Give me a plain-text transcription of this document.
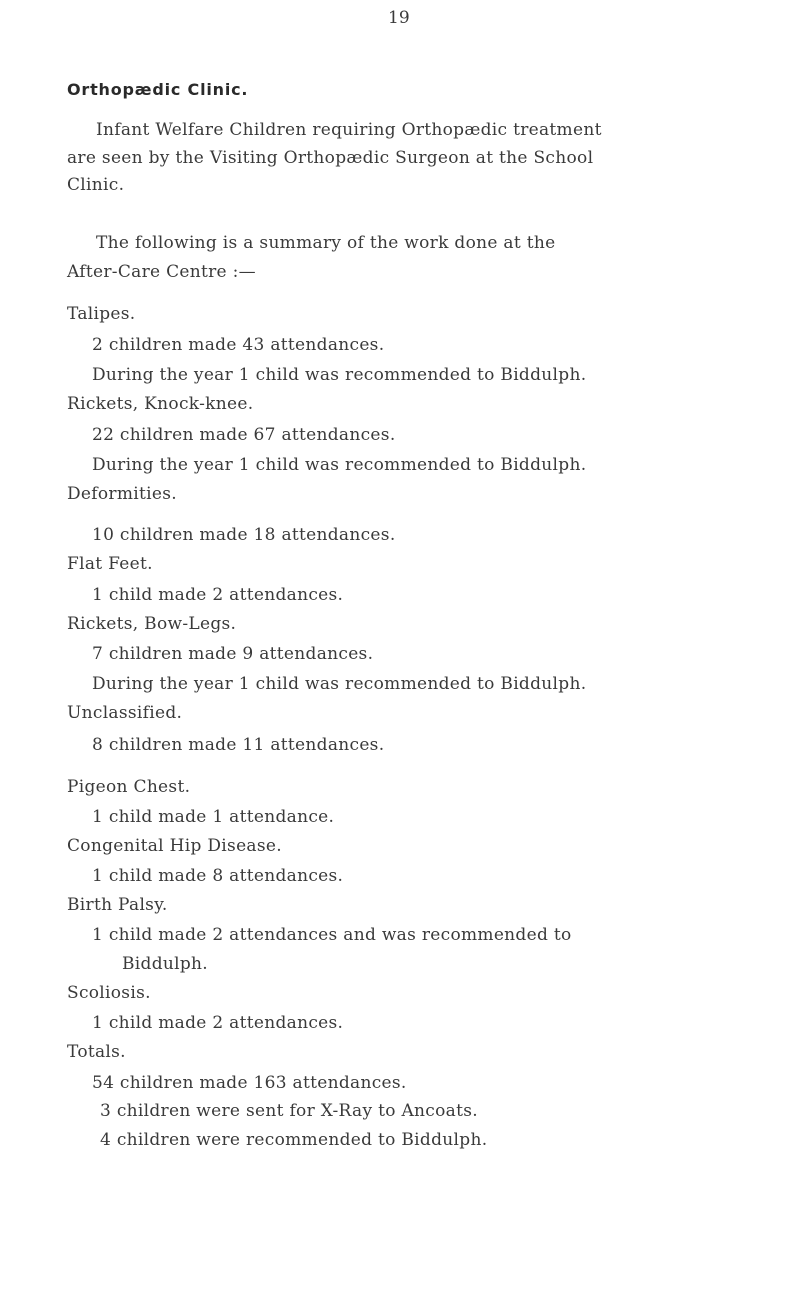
19
Orthopædic Clinic.
Infant Welfare Children requiring Orthopædic treatment
are seen by the Visiting Orthopædic Surgeon at the School
Clinic.
The following is a summary of the work done at the
After-Care Centre :—
Talipes.
2 children made 43 attendances.
During the year 1 child was recommended to Biddulph.
Rickets, Knock-knee.
22 children made 67 attendances.
During the year 1 child was recommended to Biddulph.
Deformities.
10 children made 18 attendances.
Flat Feet.
1 child made 2 attendances.
Rickets, Bow-Legs.
7 children made 9 attendances.
During the year 1 child was recommended to Biddulph.
Unclassified.
8 children made 11 attendances.
Pigeon Chest.
1 child made 1 attendance.
Congenital Hip Disease.
1 child made 8 attendances.
Birth Palsy.
1 child made 2 attendances and was recommended to
Biddulph.
Scoliosis.
1 child made 2 attendances.
Totals.
54 children made 163 attendances.
3 children were sent for X-Ray to Ancoats.
4 children were recommended to Biddulph.
